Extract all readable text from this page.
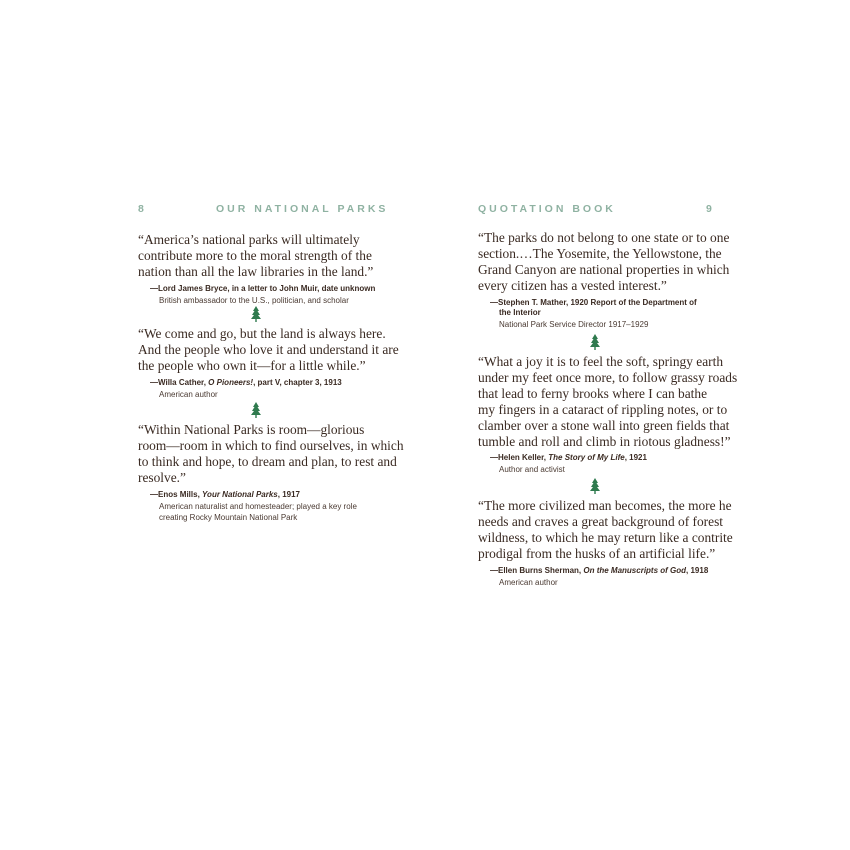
8	OUR NATIONAL PARKS

“America’s national parks will ultimately
contribute more to the moral strength of the
nation than all the law libraries in the land.”

—Lord James Bryce, in a letter to John Muir, date unknown
British ambassador to the U.S., politician, and scholar

“We come and go, but the land is always here.
And the people who love it and understand it are
the people who own it—for a little while.”

—Willa Cather, O Pioneers!, part V, chapter 3, 1913
American author

“Within National Parks is room—glorious
room—room in which to find ourselves, in which
to think and hope, to dream and plan, to rest and
resolve.”

—Enos Mills, Your National Parks, 1917
American naturalist and homesteader; played a key role
creating Rocky Mountain National Park
QUOTATION BOOK	9

“The parks do not belong to one state or to one
section.…The Yosemite, the Yellowstone, the
Grand Canyon are national properties in which
every citizen has a vested interest.”

—Stephen T. Mather, 1920 Report of the Department of
the Interior
National Park Service Director 1917–1929

“What a joy it is to feel the soft, springy earth
under my feet once more, to follow grassy roads
that lead to ferny brooks where I can bathe
my fingers in a cataract of rippling notes, or to
clamber over a stone wall into green fields that
tumble and roll and climb in riotous gladness!”

—Helen Keller, The Story of My Life, 1921
Author and activist

“The more civilized man becomes, the more he
needs and craves a great background of forest
wildness, to which he may return like a contrite
prodigal from the husks of an artificial life.”

—Ellen Burns Sherman, On the Manuscripts of God, 1918
American author
